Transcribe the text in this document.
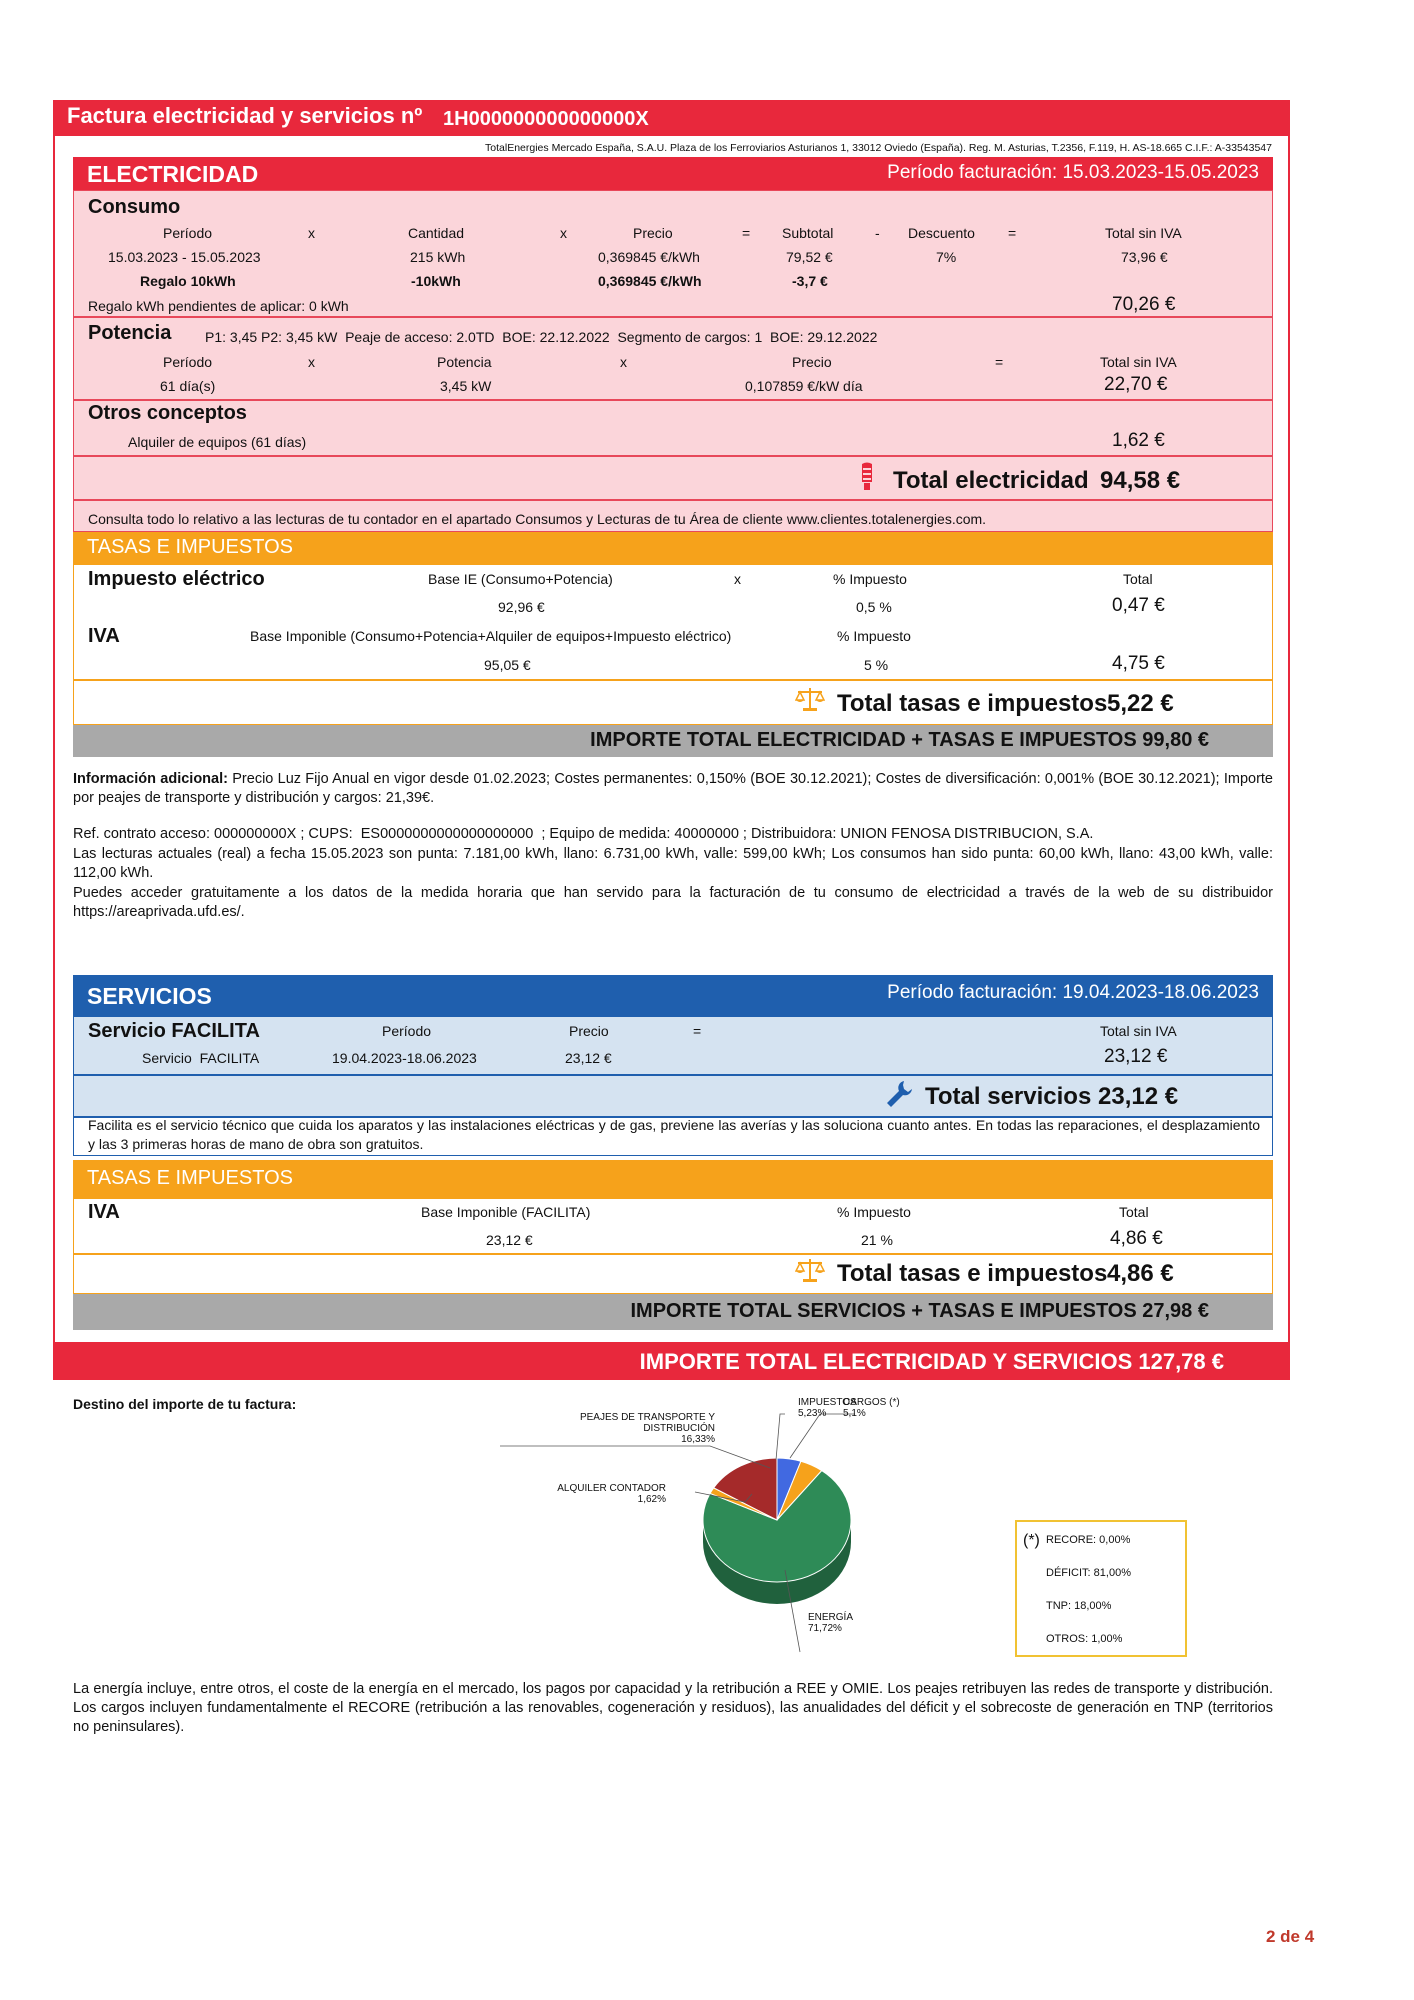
Factura electricidad y servicios nº 1H000000000000000X
TotalEnergies Mercado España, S.A.U. Plaza de los Ferroviarios Asturianos 1, 33012 Oviedo (España). Reg. M. Asturias, T.2356, F.119, H. AS-18.665 C.I.F.: A-33543547
ELECTRICIDAD	Período facturación: 15.03.2023-15.05.2023
Consumo
Período	x	Cantidad	x	Precio	= Subtotal	- Descuento =	Total sin IVA
15.03.2023 - 15.05.2023	215 kWh	0,369845 €/kWh	79,52 €	7%	73,96 €
Regalo 10kWh	-10kWh	0,369845 €/kWh	-3,7 €
Regalo kWh pendientes de aplicar: 0 kWh	70,26 €
Potencia P1: 3,45 P2: 3,45 kW  Peaje de acceso: 2.0TD  BOE: 22.12.2022  Segmento de cargos: 1  BOE: 29.12.2022
Período	x	Potencia	x	Precio	=	Total sin IVA
61 día(s)	3,45 kW	0,107859 €/kW día	22,70 €
Otros conceptos
Alquiler de equipos (61 días)	1,62 €
Total electricidad 94,58 €
Consulta todo lo relativo a las lecturas de tu contador en el apartado Consumos y Lecturas de tu Área de cliente www.clientes.totalenergies.com.
TASAS E IMPUESTOS
Impuesto eléctrico	Base IE (Consumo+Potencia)	x	% Impuesto	Total
92,96 €	0,5 %	0,47 €
IVA	Base Imponible (Consumo+Potencia+Alquiler de equipos+Impuesto eléctrico)	% Impuesto
95,05 €	5 %	4,75 €
Total tasas e impuestos 5,22 €
IMPORTE TOTAL ELECTRICIDAD + TASAS E IMPUESTOS 99,80 €
Información adicional: Precio Luz Fijo Anual en vigor desde 01.02.2023; Costes permanentes: 0,150% (BOE 30.12.2021); Costes de diversificación: 0,001% (BOE 30.12.2021); Importe por peajes de transporte y distribución y cargos: 21,39€.
Ref. contrato acceso: 000000000X ; CUPS:  ES0000000000000000000  ; Equipo de medida: 40000000 ; Distribuidora: UNION FENOSA DISTRIBUCION, S.A.
Las lecturas actuales (real) a fecha 15.05.2023 son punta: 7.181,00 kWh, llano: 6.731,00 kWh, valle: 599,00 kWh; Los consumos han sido punta: 60,00 kWh, llano: 43,00 kWh, valle: 112,00 kWh.
Puedes acceder gratuitamente a los datos de la medida horaria que han servido para la facturación de tu consumo de electricidad a través de la web de su distribuidor https://areaprivada.ufd.es/.
SERVICIOS	Período facturación: 19.04.2023-18.06.2023
Servicio FACILITA	Período	Precio	=	Total sin IVA
Servicio  FACILITA	19.04.2023-18.06.2023	23,12 €	23,12 €
Total servicios 23,12 €
Facilita es el servicio técnico que cuida los aparatos y las instalaciones eléctricas y de gas, previene las averías y las soluciona cuanto antes. En todas las reparaciones, el desplazamiento y las 3 primeras horas de mano de obra son gratuitos.
TASAS E IMPUESTOS
IVA	Base Imponible (FACILITA)	% Impuesto	Total
23,12 €	21 %	4,86 €
Total tasas e impuestos 4,86 €
IMPORTE TOTAL SERVICIOS + TASAS E IMPUESTOS 27,98 €
IMPORTE TOTAL ELECTRICIDAD Y SERVICIOS 127,78 €
Destino del importe de tu factura:
PEAJES DE TRANSPORTE Y DISTRIBUCIÓN
16,33%
ALQUILER CONTADOR
1,62%
IMPUESTOS
5,23%
CARGOS (*)
5,1%
ENERGÍA
71,72%
(*) RECORE: 0,00%
DÉFICIT: 81,00%
TNP: 18,00%
OTROS: 1,00%
La energía incluye, entre otros, el coste de la energía en el mercado, los pagos por capacidad y la retribución a REE y OMIE. Los peajes retribuyen las redes de transporte y distribución. Los cargos incluyen fundamentalmente el RECORE (retribución a las renovables, cogeneración y residuos), las anualidades del déficit y el sobrecoste de generación en TNP (territorios no peninsulares).
2 de 4
